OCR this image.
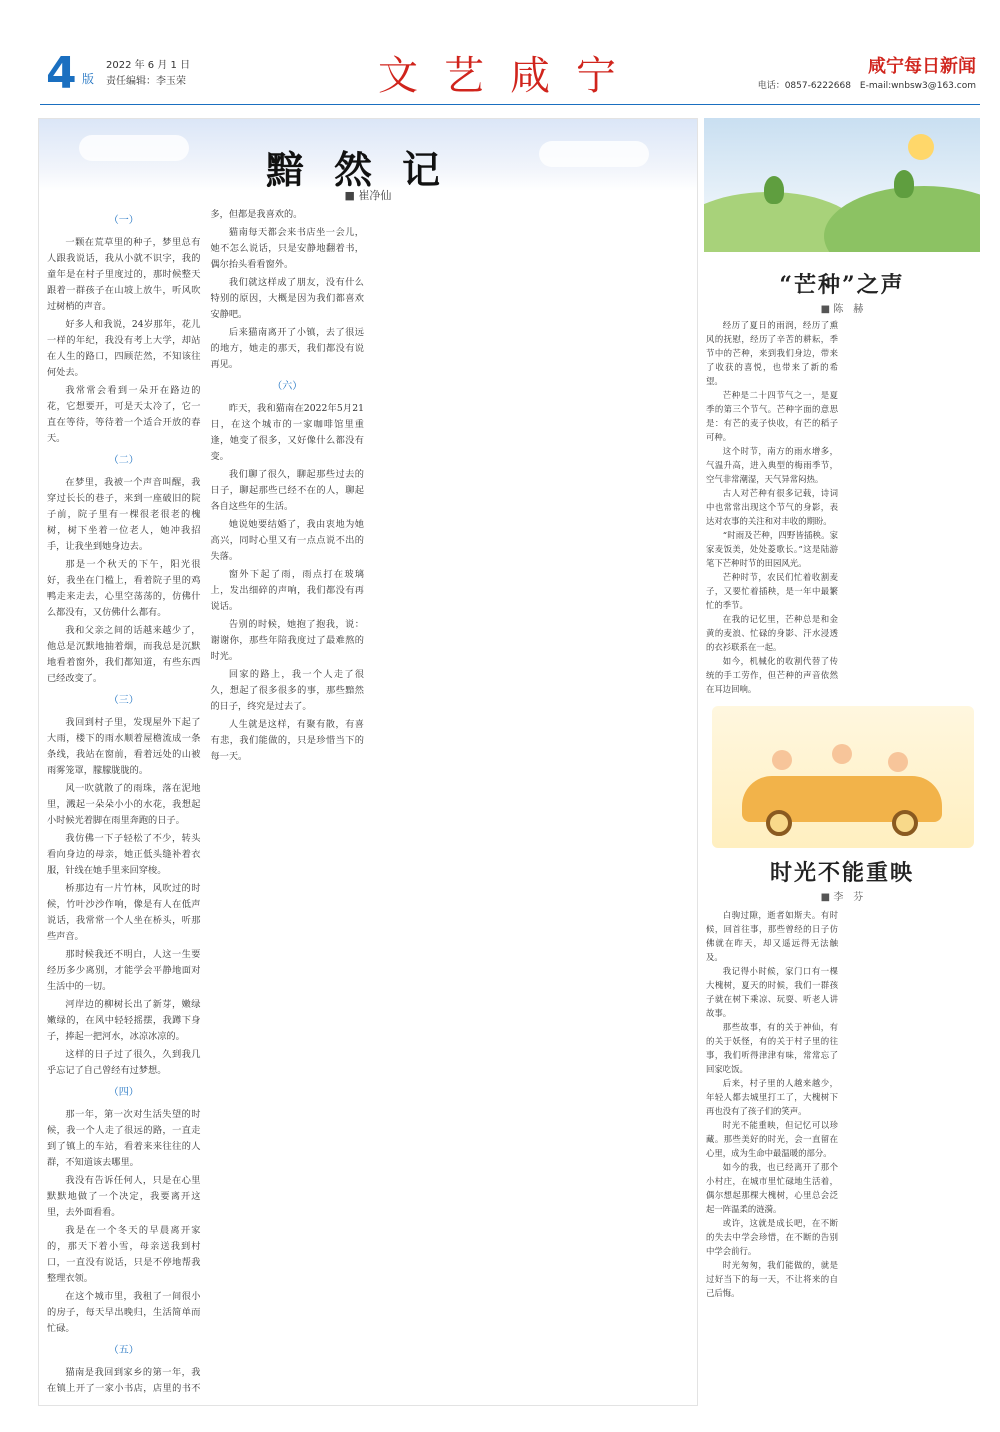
4 版
2022 年 6 月 1 日
责任编辑：李玉荣	文艺咸宁	咸宁每日新闻
电话：0857-6222668　E-mail:wnbsw3@163.com
黯然记
■ 崔净仙

（一）

一颗在荒草里的种子，梦里总有人跟我说话，我从小就不识字，我的童年是在村子里度过的，那时候整天跟着一群孩子在山坡上放牛，听风吹过树梢的声音。

好多人和我说，24岁那年，花儿一样的年纪，我没有考上大学，却站在人生的路口，四顾茫然，不知该往何处去。

我常常会看到一朵开在路边的花，它想要开，可是天太冷了，它一直在等待，等待着一个适合开放的春天。

（二）

在梦里，我被一个声音叫醒，我穿过长长的巷子，来到一座破旧的院子前，院子里有一棵很老很老的槐树，树下坐着一位老人，她冲我招手，让我坐到她身边去。

那是一个秋天的下午，阳光很好，我坐在门槛上，看着院子里的鸡鸭走来走去，心里空荡荡的，仿佛什么都没有，又仿佛什么都有。

我和父亲之间的话越来越少了，他总是沉默地抽着烟，而我总是沉默地看着窗外，我们都知道，有些东西已经改变了。

（三）

我回到村子里，发现屋外下起了大雨，楼下的雨水顺着屋檐流成一条条线，我站在窗前，看着远处的山被雨雾笼罩，朦朦胧胧的。

风一吹就散了的雨珠，落在泥地里，溅起一朵朵小小的水花，我想起小时候光着脚在雨里奔跑的日子。

我仿佛一下子轻松了不少，转头看向身边的母亲，她正低头缝补着衣服，针线在她手里来回穿梭。

桥那边有一片竹林，风吹过的时候，竹叶沙沙作响，像是有人在低声说话，我常常一个人坐在桥头，听那些声音。

那时候我还不明白，人这一生要经历多少离别，才能学会平静地面对生活中的一切。

河岸边的柳树长出了新芽，嫩绿嫩绿的，在风中轻轻摇摆，我蹲下身子，捧起一把河水，冰凉冰凉的。

这样的日子过了很久，久到我几乎忘记了自己曾经有过梦想。

（四）

那一年，第一次对生活失望的时候，我一个人走了很远的路，一直走到了镇上的车站，看着来来往往的人群，不知道该去哪里。

我没有告诉任何人，只是在心里默默地做了一个决定，我要离开这里，去外面看看。

我是在一个冬天的早晨离开家的，那天下着小雪，母亲送我到村口，一直没有说话，只是不停地帮我整理衣领。

在这个城市里，我租了一间很小的房子，每天早出晚归，生活简单而忙碌。

（五）

猫南是我回到家乡的第一年，我在镇上开了一家小书店，店里的书不多，但都是我喜欢的。

猫南每天都会来书店坐一会儿，她不怎么说话，只是安静地翻着书，偶尔抬头看看窗外。

我们就这样成了朋友，没有什么特别的原因，大概是因为我们都喜欢安静吧。

后来猫南离开了小镇，去了很远的地方，她走的那天，我们都没有说再见。

（六）

昨天，我和猫南在2022年5月21日，在这个城市的一家咖啡馆里重逢，她变了很多，又好像什么都没有变。

我们聊了很久，聊起那些过去的日子，聊起那些已经不在的人，聊起各自这些年的生活。

她说她要结婚了，我由衷地为她高兴，同时心里又有一点点说不出的失落。

窗外下起了雨，雨点打在玻璃上，发出细碎的声响，我们都没有再说话。

告别的时候，她抱了抱我，说：谢谢你，那些年陪我度过了最难熬的时光。

回家的路上，我一个人走了很久，想起了很多很多的事，那些黯然的日子，终究是过去了。

人生就是这样，有聚有散，有喜有悲，我们能做的，只是珍惜当下的每一天。

“芒种”之声
■ 陈　赫

经历了夏日的雨润，经历了熏风的抚慰，经历了辛苦的耕耘，季节中的芒种，来到我们身边，带来了收获的喜悦，也带来了新的希望。

芒种是二十四节气之一，是夏季的第三个节气。芒种字面的意思是：有芒的麦子快收，有芒的稻子可种。

这个时节，南方的雨水增多，气温升高，进入典型的梅雨季节，空气非常潮湿，天气异常闷热。

古人对芒种有很多记载，诗词中也常常出现这个节气的身影，表达对农事的关注和对丰收的期盼。

“时雨及芒种，四野皆插秧。家家麦饭美，处处菱歌长。”这是陆游笔下芒种时节的田园风光。

芒种时节，农民们忙着收割麦子，又要忙着插秧，是一年中最繁忙的季节。

在我的记忆里，芒种总是和金黄的麦浪、忙碌的身影、汗水浸透的衣衫联系在一起。

如今，机械化的收割代替了传统的手工劳作，但芒种的声音依然在耳边回响。

时光不能重映
■ 李　芬

白驹过隙，逝者如斯夫。有时候，回首往事，那些曾经的日子仿佛就在昨天，却又遥远得无法触及。

我记得小时候，家门口有一棵大槐树，夏天的时候，我们一群孩子就在树下乘凉、玩耍、听老人讲故事。

那些故事，有的关于神仙，有的关于妖怪，有的关于村子里的往事，我们听得津津有味，常常忘了回家吃饭。

后来，村子里的人越来越少，年轻人都去城里打工了，大槐树下再也没有了孩子们的笑声。

时光不能重映，但记忆可以珍藏。那些美好的时光，会一直留在心里，成为生命中最温暖的部分。

如今的我，也已经离开了那个小村庄，在城市里忙碌地生活着，偶尔想起那棵大槐树，心里总会泛起一阵温柔的涟漪。

或许，这就是成长吧，在不断的失去中学会珍惜，在不断的告别中学会前行。

时光匆匆，我们能做的，就是过好当下的每一天，不让将来的自己后悔。
